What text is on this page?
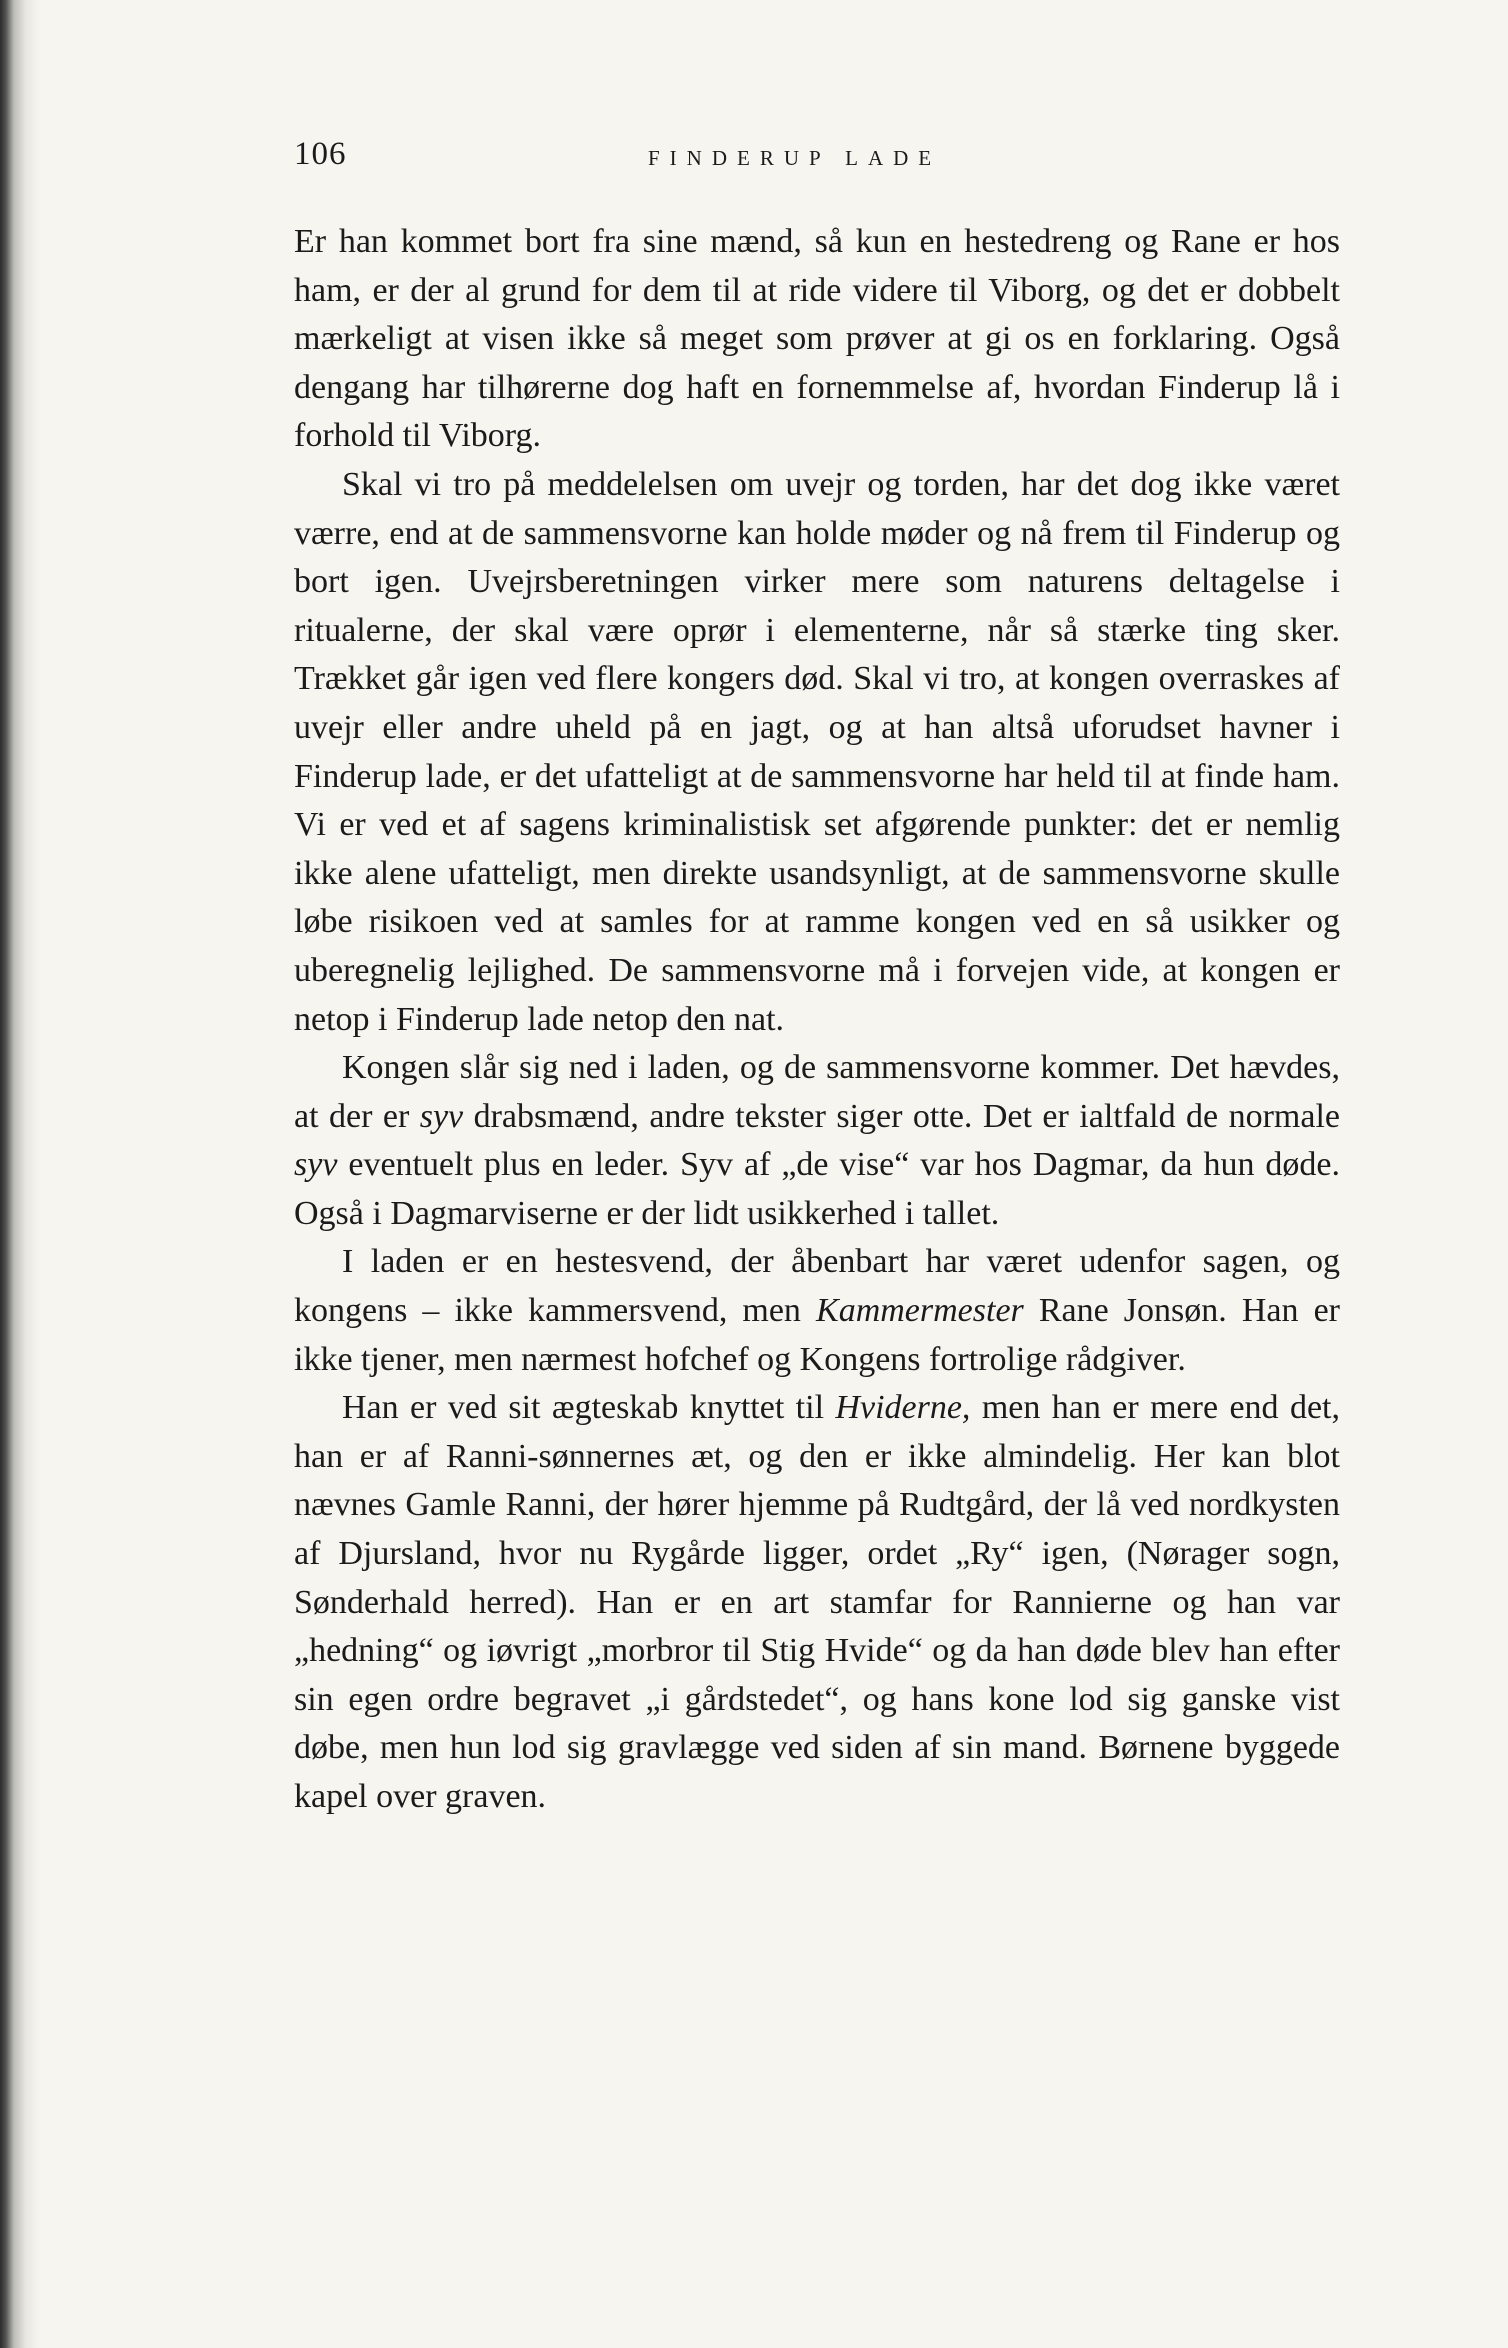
106	FINDERUP LADE

Er han kommet bort fra sine mænd, så kun en hestedreng og Rane er hos ham, er der al grund for dem til at ride videre til Viborg, og det er dobbelt mærkeligt at visen ikke så meget som prøver at gi os en forklaring. Også dengang har tilhørerne dog haft en fornemmelse af, hvordan Finderup lå i forhold til Viborg.

Skal vi tro på meddelelsen om uvejr og torden, har det dog ikke været værre, end at de sammensvorne kan holde møder og nå frem til Finderup og bort igen. Uvejrsberetningen virker mere som naturens deltagelse i ritualerne, der skal være oprør i elementerne, når så stærke ting sker. Trækket går igen ved flere kongers død. Skal vi tro, at kongen overraskes af uvejr eller andre uheld på en jagt, og at han altså uforudset havner i Finderup lade, er det ufatteligt at de sammensvorne har held til at finde ham. Vi er ved et af sagens kriminalistisk set afgørende punkter: det er nemlig ikke alene ufatteligt, men direkte usandsynligt, at de sammensvorne skulle løbe risikoen ved at samles for at ramme kongen ved en så usikker og uberegnelig lejlighed. De sammensvorne må i forvejen vide, at kongen er netop i Finderup lade netop den nat.

Kongen slår sig ned i laden, og de sammensvorne kommer. Det hævdes, at der er syv drabsmænd, andre tekster siger otte. Det er ialtfald de normale syv eventuelt plus en leder. Syv af „de vise“ var hos Dagmar, da hun døde. Også i Dagmarviserne er der lidt usikkerhed i tallet.

I laden er en hestesvend, der åbenbart har været udenfor sagen, og kongens – ikke kammersvend, men Kammermester Rane Jonsøn. Han er ikke tjener, men nærmest hofchef og Kongens fortrolige rådgiver.

Han er ved sit ægteskab knyttet til Hviderne, men han er mere end det, han er af Ranni-sønnernes æt, og den er ikke almindelig. Her kan blot nævnes Gamle Ranni, der hører hjemme på Rudtgård, der lå ved nordkysten af Djursland, hvor nu Rygårde ligger, ordet „Ry“ igen, (Nørager sogn, Sønderhald herred). Han er en art stamfar for Rannierne og han var „hedning“ og iøvrigt „morbror til Stig Hvide“ og da han døde blev han efter sin egen ordre begravet „i gårdstedet“, og hans kone lod sig ganske vist døbe, men hun lod sig gravlægge ved siden af sin mand. Børnene byggede kapel over graven.
